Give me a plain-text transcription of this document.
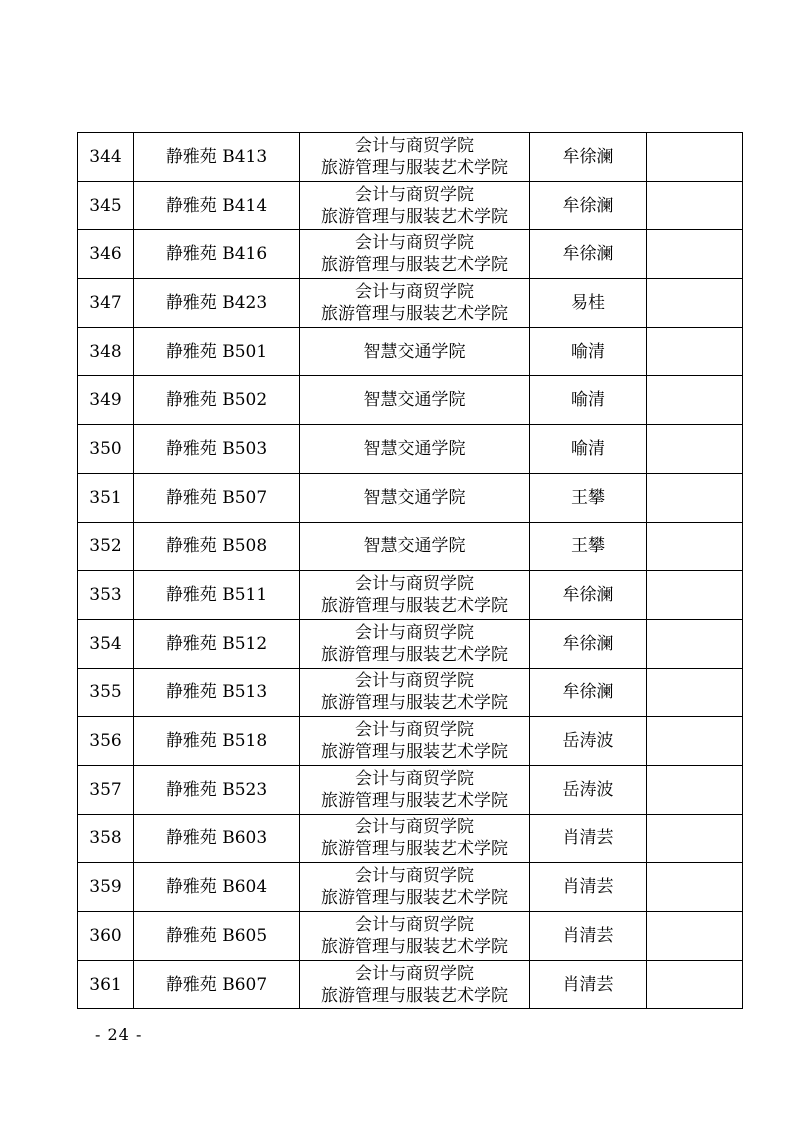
344	静雅苑 B413	会计与商贸学院
旅游管理与服装艺术学院	牟徐澜	
345	静雅苑 B414	会计与商贸学院
旅游管理与服装艺术学院	牟徐澜	
346	静雅苑 B416	会计与商贸学院
旅游管理与服装艺术学院	牟徐澜	
347	静雅苑 B423	会计与商贸学院
旅游管理与服装艺术学院	易桂	
348	静雅苑 B501	智慧交通学院	喻清	
349	静雅苑 B502	智慧交通学院	喻清	
350	静雅苑 B503	智慧交通学院	喻清	
351	静雅苑 B507	智慧交通学院	王攀	
352	静雅苑 B508	智慧交通学院	王攀	
353	静雅苑 B511	会计与商贸学院
旅游管理与服装艺术学院	牟徐澜	
354	静雅苑 B512	会计与商贸学院
旅游管理与服装艺术学院	牟徐澜	
355	静雅苑 B513	会计与商贸学院
旅游管理与服装艺术学院	牟徐澜	
356	静雅苑 B518	会计与商贸学院
旅游管理与服装艺术学院	岳涛波	
357	静雅苑 B523	会计与商贸学院
旅游管理与服装艺术学院	岳涛波	
358	静雅苑 B603	会计与商贸学院
旅游管理与服装艺术学院	肖清芸	
359	静雅苑 B604	会计与商贸学院
旅游管理与服装艺术学院	肖清芸	
360	静雅苑 B605	会计与商贸学院
旅游管理与服装艺术学院	肖清芸	
361	静雅苑 B607	会计与商贸学院
旅游管理与服装艺术学院	肖清芸	
- 24 -
